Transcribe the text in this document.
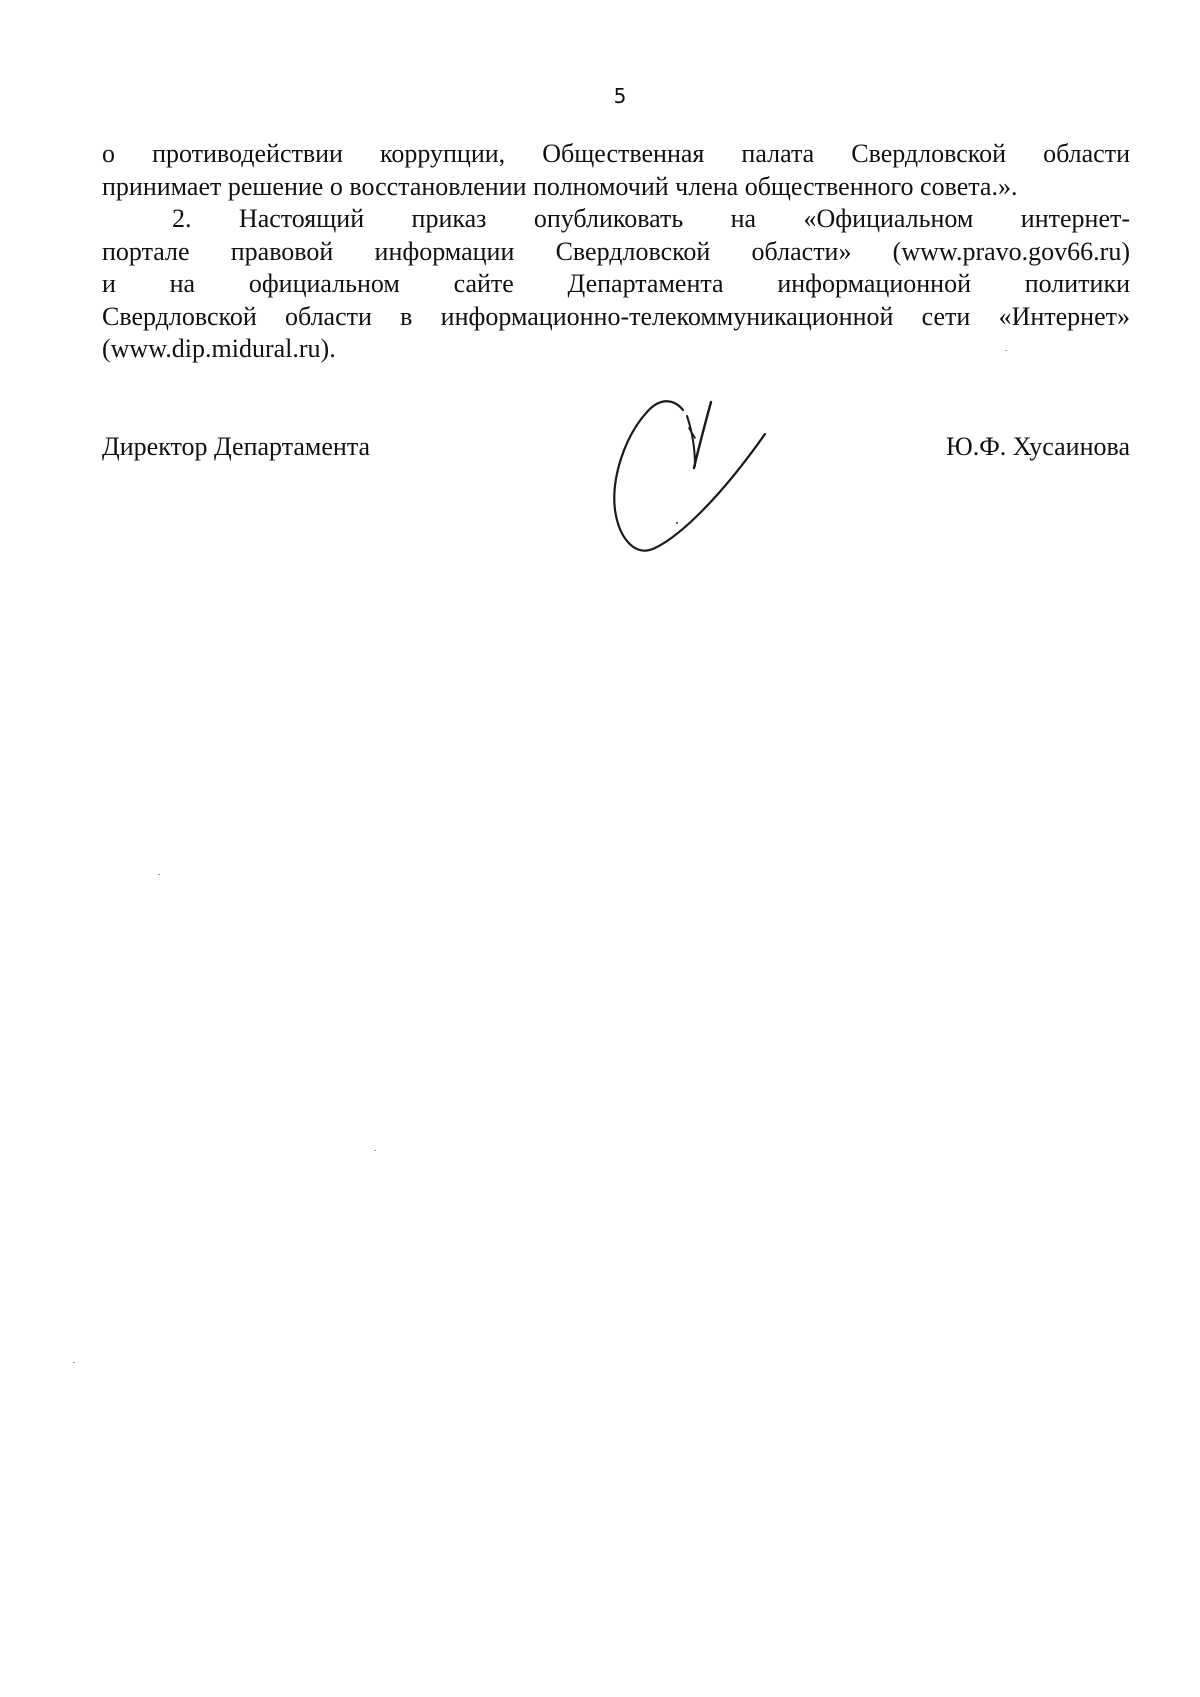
5

о противодействии коррупции, Общественная палата Свердловской области
принимает решение о восстановлении полномочий члена общественного совета.».

2. Настоящий приказ опубликовать на «Официальном интернет-
портале правовой информации Свердловской области» (www.pravo.gov66.ru)
и на официальном сайте Департамента информационной политики
Свердловской области в информационно-телекоммуникационной сети «Интернет»
(www.dip.midural.ru).

Директор Департамента	Ю.Ф. Хусаинова
